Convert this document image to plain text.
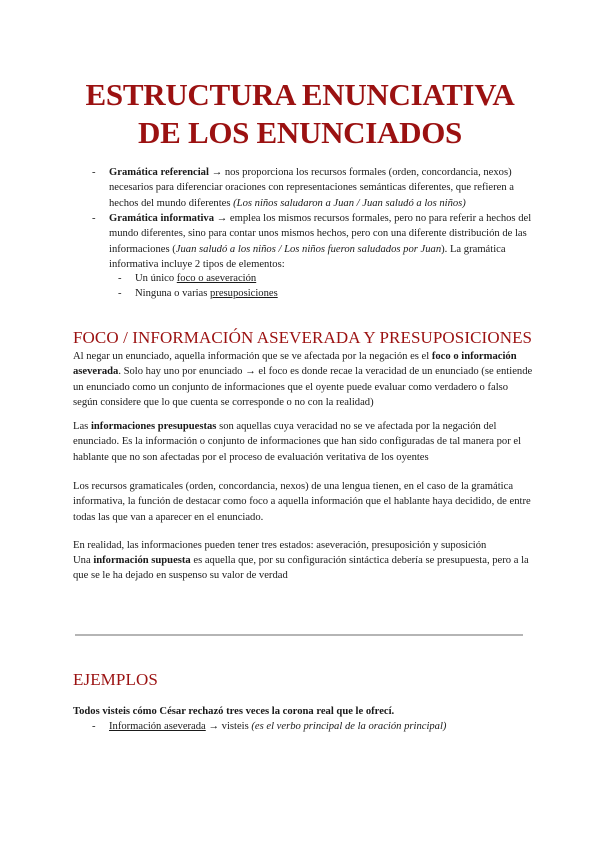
ESTRUCTURA ENUNCIATIVA
DE LOS ENUNCIADOS
- Gramática referencial → nos proporciona los recursos formales (orden, concordancia, nexos) necesarios para diferenciar oraciones con representaciones semánticas diferentes, que refieren a hechos del mundo diferentes (Los niños saludaron a Juan / Juan saludó a los niños)
- Gramática informativa → emplea los mismos recursos formales, pero no para referir a hechos del mundo diferentes, sino para contar unos mismos hechos, pero con una diferente distribución de las informaciones (Juan saludó a los niños / Los niños fueron saludados por Juan). La gramática informativa incluye 2 tipos de elementos:
- Un único foco o aseveración
- Ninguna o varias presuposiciones
FOCO / INFORMACIÓN ASEVERADA Y PRESUPOSICIONES
Al negar un enunciado, aquella información que se ve afectada por la negación es el foco o información aseverada. Solo hay uno por enunciado → el foco es donde recae la veracidad de un enunciado (se entiende un enunciado como un conjunto de informaciones que el oyente puede evaluar como verdadero o falso según considere que lo que cuenta se corresponde o no con la realidad)
Las informaciones presupuestas son aquellas cuya veracidad no se ve afectada por la negación del enunciado. Es la información o conjunto de informaciones que han sido configuradas de tal manera por el hablante que no son afectadas por el proceso de evaluación veritativa de los oyentes
Los recursos gramaticales (orden, concordancia, nexos) de una lengua tienen, en el caso de la gramática informativa, la función de destacar como foco a aquella información que el hablante haya decidido, de entre todas las que van a aparecer en el enunciado.
En realidad, las informaciones pueden tener tres estados: aseveración, presuposición y suposición
Una información supuesta es aquella que, por su configuración sintáctica debería se presupuesta, pero a la que se le ha dejado en suspenso su valor de verdad
EJEMPLOS
Todos visteis cómo César rechazó tres veces la corona real que le ofrecí.
- Información aseverada → visteis (es el verbo principal de la oración principal)
